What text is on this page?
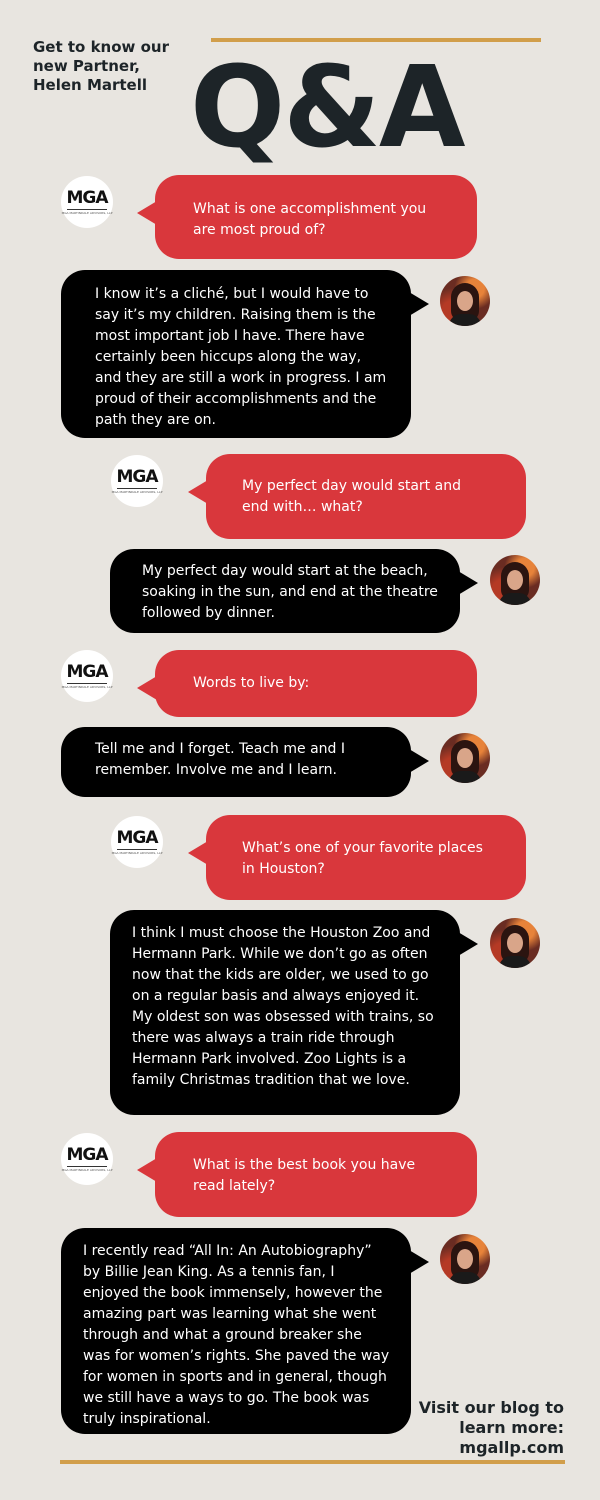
Get to know our
new Partner,
Helen Martell Q&A
MGA
MGA MARTINDALE ADVISORS, LLP	What is one accomplishment you are most proud of?
I know it’s a cliché, but I would have to say it’s my children. Raising them is the most important job I have. There have certainly been hiccups along the way, and they are still a work in progress. I am proud of their accomplishments and the path they are on.
MGA
MGA MARTINDALE ADVISORS, LLP	My perfect day would start and end with… what?
My perfect day would start at the beach, soaking in the sun, and end at the theatre followed by dinner.
MGA
MGA MARTINDALE ADVISORS, LLP	Words to live by:
Tell me and I forget. Teach me and I remember. Involve me and I learn.
MGA
MGA MARTINDALE ADVISORS, LLP	What’s one of your favorite places in Houston?
I think I must choose the Houston Zoo and Hermann Park. While we don’t go as often now that the kids are older, we used to go on a regular basis and always enjoyed it. My oldest son was obsessed with trains, so there was always a train ride through Hermann Park involved. Zoo Lights is a family Christmas tradition that we love.
MGA
MGA MARTINDALE ADVISORS, LLP	What is the best book you have read lately?
I recently read “All In: An Autobiography” by Billie Jean King. As a tennis fan, I enjoyed the book immensely, however the amazing part was learning what she went through and what a ground breaker she was for women’s rights. She paved the way for women in sports and in general, though we still have a ways to go. The book was truly inspirational.
Visit our blog to
learn more:
mgallp.com
